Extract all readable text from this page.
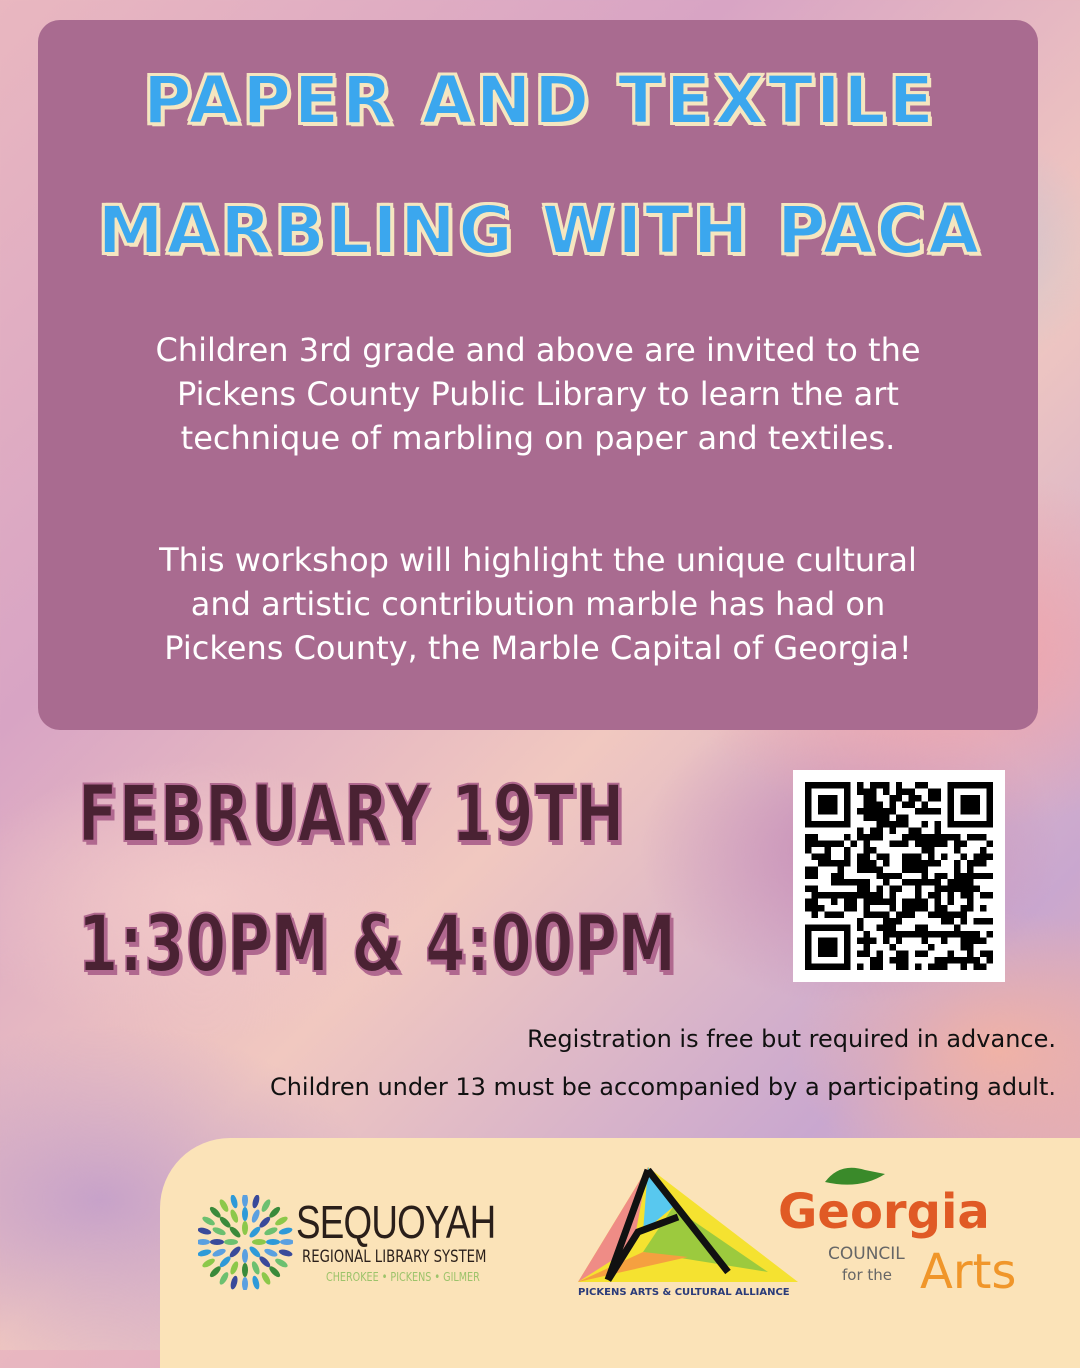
PAPER AND TEXTILE
MARBLING WITH PACA
Children 3rd grade and above are invited to the
Pickens County Public Library to learn the art
technique of marbling on paper and textiles.
This workshop will highlight the unique cultural
and artistic contribution marble has had on
Pickens County, the Marble Capital of Georgia!
FEBRUARY 19TH
1:30PM & 4:00PM
Registration is free but required in advance.
Children under 13 must be accompanied by a participating adult.
SEQUOYAH
REGIONAL LIBRARY SYSTEM
CHEROKEE • PICKENS • GILMER
PICKENS ARTS & CULTURAL ALLIANCE
Georgia
COUNCIL
for the Arts
